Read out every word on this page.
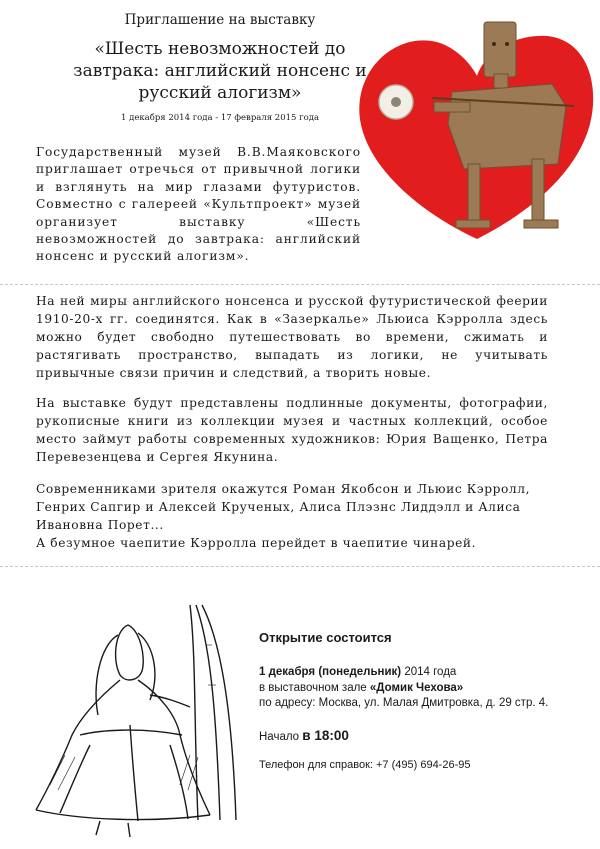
Приглашение на выставку
«Шесть невозможностей до завтрака: английский нонсенс и русский алогизм»
1 декабря 2014 года - 17 февраля 2015 года
Государственный музей В.В.Маяковского приглашает отречься от привычной логики и взглянуть на мир глазами футуристов. Совместно с галереей «Культпроект» музей организует выставку «Шесть невозможностей до завтрака: английский нонсенс и русский алогизм».
На ней миры английского нонсенса и русской футуристической феерии 1910-20-х гг. соединятся. Как в «Зазеркалье» Льюиса Кэрролла здесь можно будет свободно путешествовать во времени, сжимать и растягивать пространство, выпадать из логики, не учитывать привычные связи причин и следствий, а творить новые.
На выставке будут представлены подлинные документы, фотографии, рукописные книги из коллекции музея и частных коллекций, особое место займут работы современных художников: Юрия Ващенко, Петра Перевезенцева и Сергея Якунина.
Современниками зрителя окажутся Роман Якобсон и Льюис Кэрролл, Генрих Сапгир и Алексей Крученых, Алиса Плэзнс Лиддэлл и Алиса Ивановна Порет...
А безумное чаепитие Кэрролла перейдет в чаепитие чинарей.
Открытие состоится
1 декабря (понедельник) 2014 года
в выставочном зале «Домик Чехова»
по адресу: Москва, ул. Малая Дмитровка, д. 29 стр. 4.
Начало в 18:00
Телефон для справок: +7 (495) 694-26-95
